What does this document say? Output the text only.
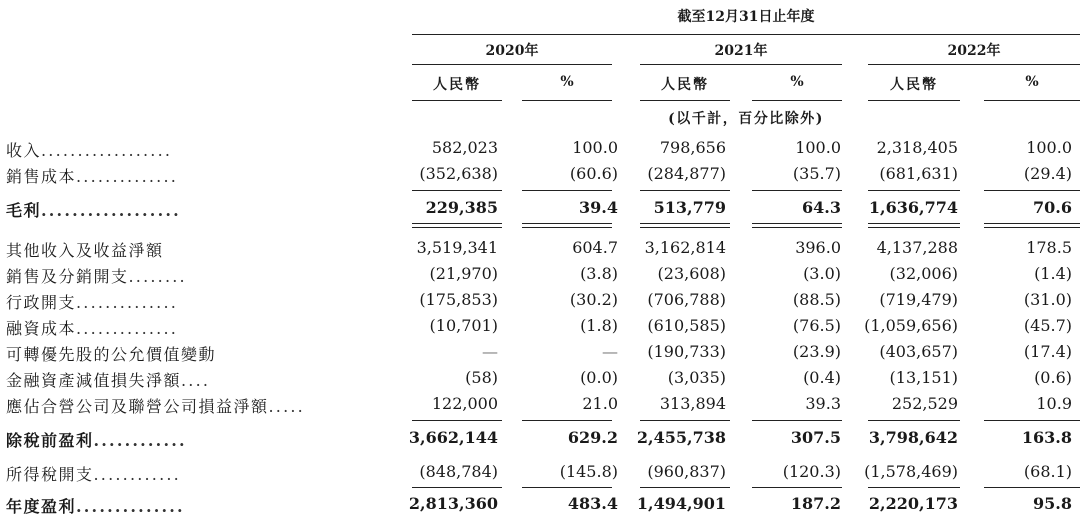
截至12月31日止年度
2020年	2021年	2022年
人民幣	%	人民幣	%	人民幣	%
(以千計，百分比除外)
收入..................	582,023	100.0	798,656	100.0 2,318,405	100.0
銷售成本..............	(352,638)	(60.6) (284,877)	(35.7) (681,631)	(29.4)
毛利..................	229,385	39.4 513,779	64.3 1,636,774	70.6
其他收入及收益淨額	3,519,341	604.7 3,162,814	396.0 4,137,288	178.5
銷售及分銷開支........	(21,970)	(3.8) (23,608)	(3.0)	(32,006)	(1.4)
行政開支..............	(175,853)	(30.2) (706,788)	(88.5) (719,479)	(31.0)
融資成本..............	(10,701)	(1.8) (610,585)	(76.5) (1,059,656)	(45.7)
可轉優先股的公允價值變動	—	— (190,733)	(23.9) (403,657)	(17.4)
金融資產減值損失淨額....	(58)	(0.0)	(3,035)	(0.4)	(13,151)	(0.6)
應佔合營公司及聯營公司損益淨額.....	122,000	21.0	313,894	39.3	252,529	10.9
除稅前盈利............	3,662,144	629.2 2,455,738	307.5 3,798,642	163.8
所得稅開支............	(848,784)	(145.8) (960,837)	(120.3) (1,578,469)	(68.1)
年度盈利..............	2,813,360	483.4 1,494,901	187.2 2,220,173	95.8
